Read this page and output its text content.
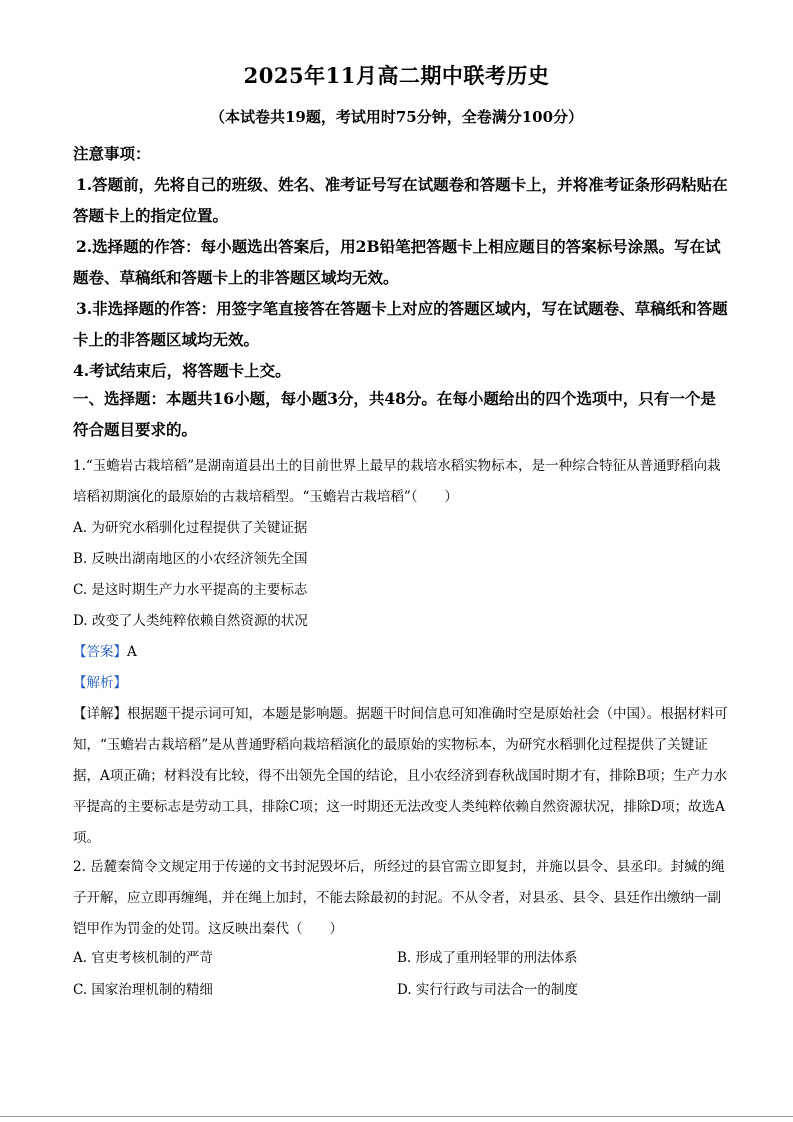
2025年11月高二期中联考历史
（本试卷共19题，考试用时75分钟，全卷满分100分）

注意事项：

1.答题前，先将自己的班级、姓名、准考证号写在试题卷和答题卡上，并将准考证条形码粘贴在答题卡上的指定位置。

2.选择题的作答：每小题选出答案后，用2B铅笔把答题卡上相应题目的答案标号涂黑。写在试题卷、草稿纸和答题卡上的非答题区域均无效。

3.非选择题的作答：用签字笔直接答在答题卡上对应的答题区域内，写在试题卷、草稿纸和答题卡上的非答题区域均无效。

4.考试结束后，将答题卡上交。

一、选择题：本题共16小题，每小题3分，共48分。在每小题给出的四个选项中，只有一个是符合题目要求的。

1.“玉蟾岩古栽培稻”是湖南道县出土的目前世界上最早的栽培水稻实物标本，是一种综合特征从普通野稻向栽培稻初期演化的最原始的古栽培稻型。“玉蟾岩古栽培稻”（　　）

A. 为研究水稻驯化过程提供了关键证据

B. 反映出湖南地区的小农经济领先全国

C. 是这时期生产力水平提高的主要标志

D. 改变了人类纯粹依赖自然资源的状况

【答案】A

【解析】

【详解】根据题干提示词可知，本题是影响题。据题干时间信息可知准确时空是原始社会（中国）。根据材料可知，“玉蟾岩古栽培稻”是从普通野稻向栽培稻演化的最原始的实物标本，为研究水稻驯化过程提供了关键证据，A项正确；材料没有比较，得不出领先全国的结论，且小农经济到春秋战国时期才有，排除B项；生产力水平提高的主要标志是劳动工具，排除C项；这一时期还无法改变人类纯粹依赖自然资源状况，排除D项；故选A项。

2. 岳麓秦简令文规定用于传递的文书封泥毁坏后，所经过的县官需立即复封，并施以县令、县丞印。封缄的绳子开解，应立即再缠绳，并在绳上加封，不能去除最初的封泥。不从令者，对县丞、县令、县廷作出缴纳一副铠甲作为罚金的处罚。这反映出秦代（　　）

A. 官吏考核机制的严苛	B. 形成了重刑轻罪的刑法体系
C. 国家治理机制的精细	D. 实行行政与司法合一的制度
